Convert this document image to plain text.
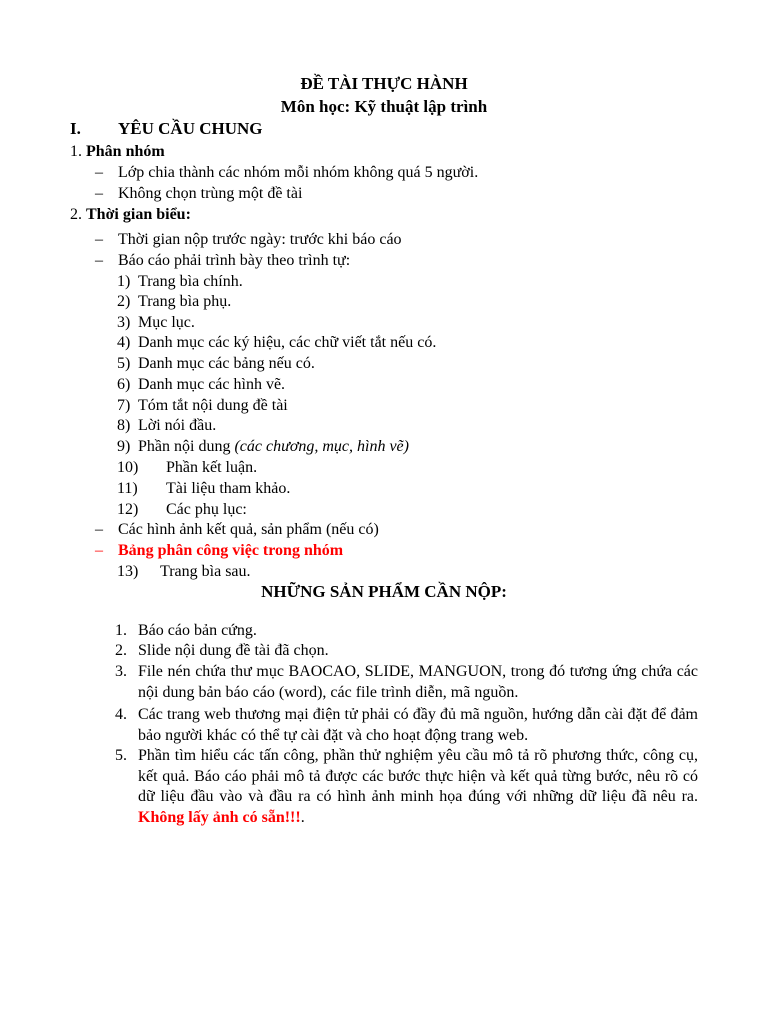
ĐỀ TÀI THỰC HÀNH
Môn học: Kỹ thuật lập trình
I. YÊU CẦU CHUNG
1. Phân nhóm
– Lớp chia thành các nhóm mỗi nhóm không quá 5 người.
– Không chọn trùng một đề tài
2. Thời gian biểu:
– Thời gian nộp trước ngày: trước khi báo cáo
– Báo cáo phải trình bày theo trình tự:
1) Trang bìa chính.
2) Trang bìa phụ.
3) Mục lục.
4) Danh mục các ký hiệu, các chữ viết tắt nếu có.
5) Danh mục các bảng nếu có.
6) Danh mục các hình vẽ.
7) Tóm tắt nội dung đề tài
8) Lời nói đầu.
9) Phần nội dung (các chương, mục, hình vẽ)
10) Phần kết luận.
11) Tài liệu tham khảo.
12) Các phụ lục:
– Các hình ảnh kết quả, sản phẩm (nếu có)
– Bảng phân công việc trong nhóm
13) Trang bìa sau.
NHỮNG SẢN PHẨM CẦN NỘP:
1. Báo cáo bản cứng.
2. Slide nội dung đề tài đã chọn.
3. File nén chứa thư mục BAOCAO, SLIDE, MANGUON, trong đó tương ứng chứa các nội dung bản báo cáo (word), các file trình diễn, mã nguồn.
4. Các trang web thương mại điện tử phải có đầy đủ mã nguồn, hướng dẫn cài đặt để đảm bảo người khác có thể tự cài đặt và cho hoạt động trang web.
5. Phần tìm hiểu các tấn công, phần thử nghiệm yêu cầu mô tả rõ phương thức, công cụ, kết quả. Báo cáo phải mô tả được các bước thực hiện và kết quả từng bước, nêu rõ có dữ liệu đầu vào và đầu ra có hình ảnh minh họa đúng với những dữ liệu đã nêu ra. Không lấy ảnh có sẵn!!!.
